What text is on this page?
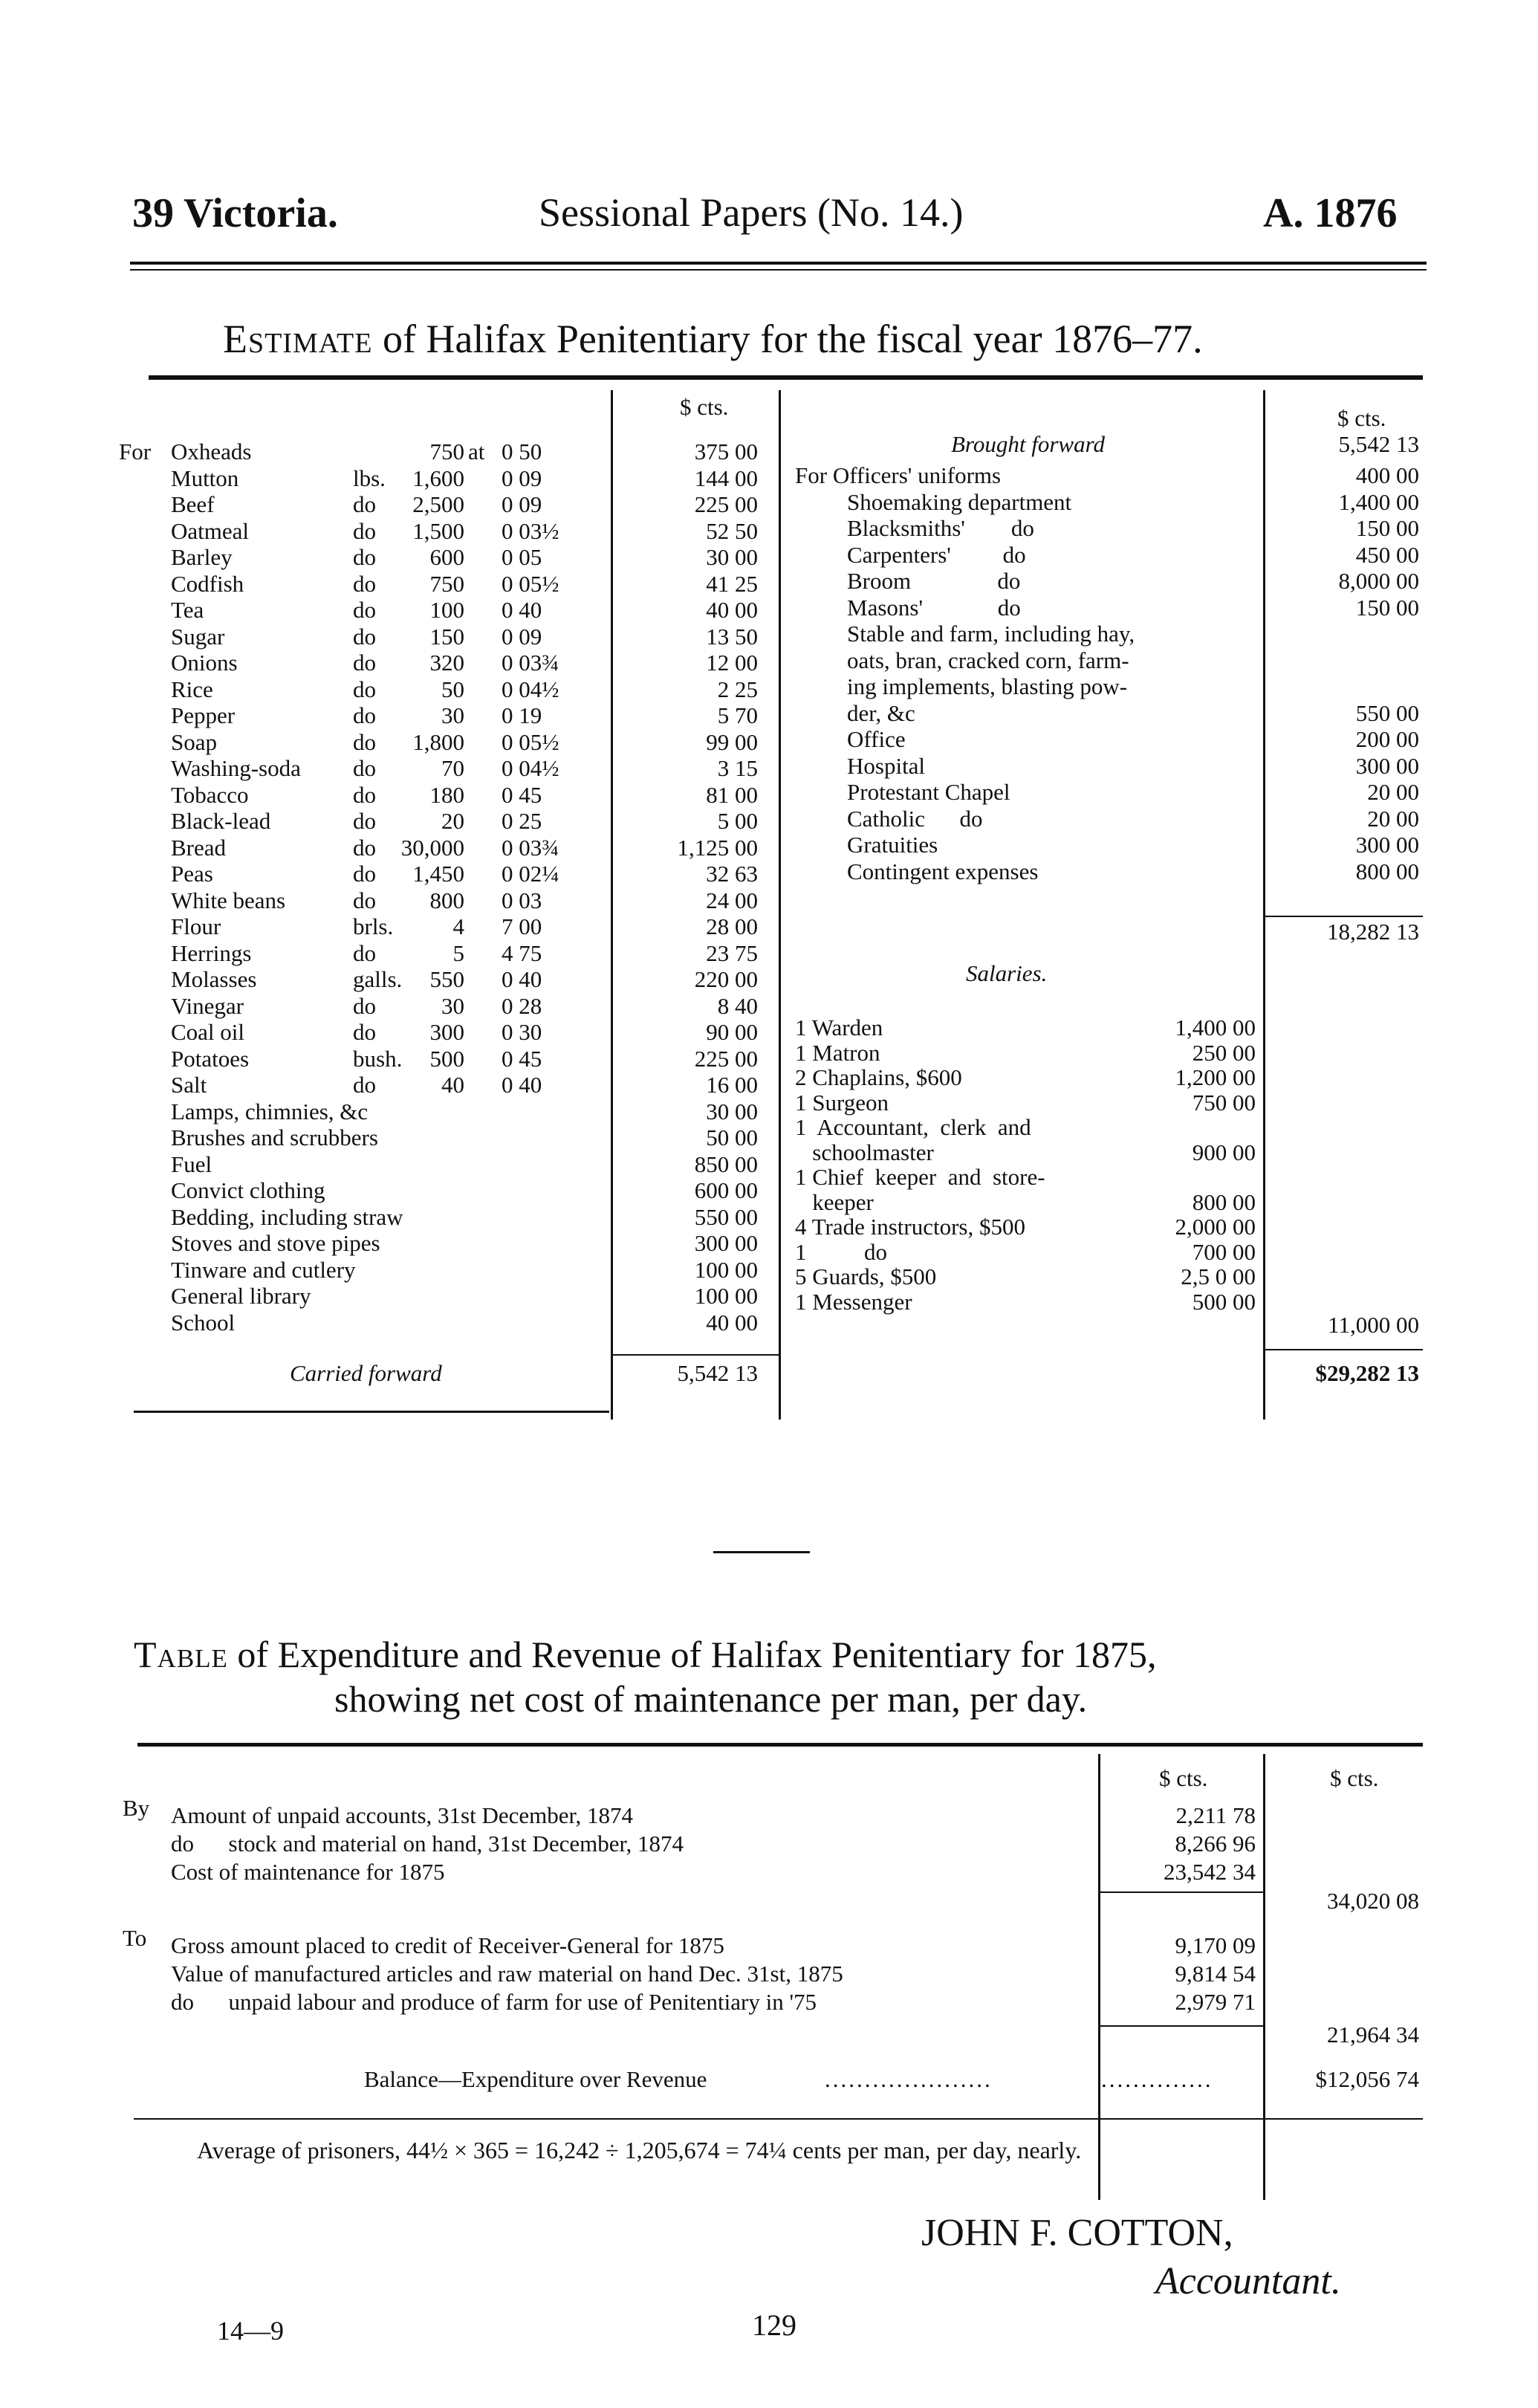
39 Victoria.	Sessional Papers (No. 14.)	A. 1876
Estimate of Halifax Penitentiary for the fiscal year 1876–77.
$ cts.	$ cts.
For Oxheads	750 at 0 50	375 00
Mutton	lbs.	1,600 0 09	144 00
Beef	do	2,500 0 09	225 00
Oatmeal	do	1,500 0 03½	52 50
Barley	do	600 0 05	30 00
Codfish	do	750 0 05½	41 25
Tea	do	100 0 40	40 00
Sugar	do	150 0 09	13 50
Onions	do	320 0 03¾	12 00
Rice	do	50 0 04½	2 25
Pepper	do	30 0 19	5 70
Soap	do	1,800 0 05½	99 00
Washing-soda do	70 0 04½	3 15
Tobacco	do	180 0 45	81 00
Black-lead	do	20 0 25	5 00
Bread	do	30,000 0 03¾	1,125 00
Peas	do	1,450 0 02¼	32 63
White beans	do	800 0 03	24 00
Flour	brls.	4 7 00	28 00
Herrings	do	5 4 75	23 75
Molasses	galls.	550 0 40	220 00
Vinegar	do	30 0 28	8 40
Coal oil	do	300 0 30	90 00
Potatoes	bush.	500 0 45	225 00
Salt	do	40 0 40	16 00
Lamps, chimnies, &c	30 00
Brushes and scrubbers	50 00
Fuel	850 00
Convict clothing	600 00
Bedding, including straw	550 00
Stoves and stove pipes	300 00
Tinware and cutlery	100 00
General library	100 00
School	40 00
Carried forward	5,542 13
Brought forward	5,542 13
For Officers' uniforms	400 00
Shoemaking department	1,400 00
Blacksmiths'        do	150 00
Carpenters'         do	450 00
Broom               do	8,000 00
Masons'             do	150 00
Stable and farm, including hay,
oats, bran, cracked corn, farm-
ing implements, blasting pow-
der, &c	550 00
Office	200 00
Hospital	300 00
Protestant Chapel	20 00
Catholic      do	20 00
Gratuities	300 00
Contingent expenses	800 00
18,282 13
Salaries.
1 Warden	1,400 00
1 Matron	250 00
2 Chaplains, $600	1,200 00
1 Surgeon	750 00
1  Accountant,  clerk  and
schoolmaster	900 00
1 Chief  keeper  and  store-
keeper	800 00
4 Trade instructors, $500	2,000 00
1          do	700 00
5 Guards, $500	2,5 0 00
1 Messenger	500 00
11,000 00
$29,282 13
Table of Expenditure and Revenue of Halifax Penitentiary for 1875,
showing net cost of maintenance per man, per day.
$ cts.	$ cts.
By Amount of unpaid accounts, 31st December, 1874	2,211 78
do      stock and material on hand, 31st December, 1874	8,266 96
Cost of maintenance for 1875	23,542 34
34,020 08
To Gross amount placed to credit of Receiver-General for 1875	9,170 09
Value of manufactured articles and raw material on hand Dec. 31st, 1875	9,814 54
do      unpaid labour and produce of farm for use of Penitentiary in '75	2,979 71
21,964 34
Balance—Expenditure over Revenue	.....................	..............	$12,056 74
Average of prisoners, 44½ × 365 = 16,242 ÷ 1,205,674 = 74¼ cents per man, per day, nearly.
JOHN F. COTTON,
Accountant.
14—9	129
